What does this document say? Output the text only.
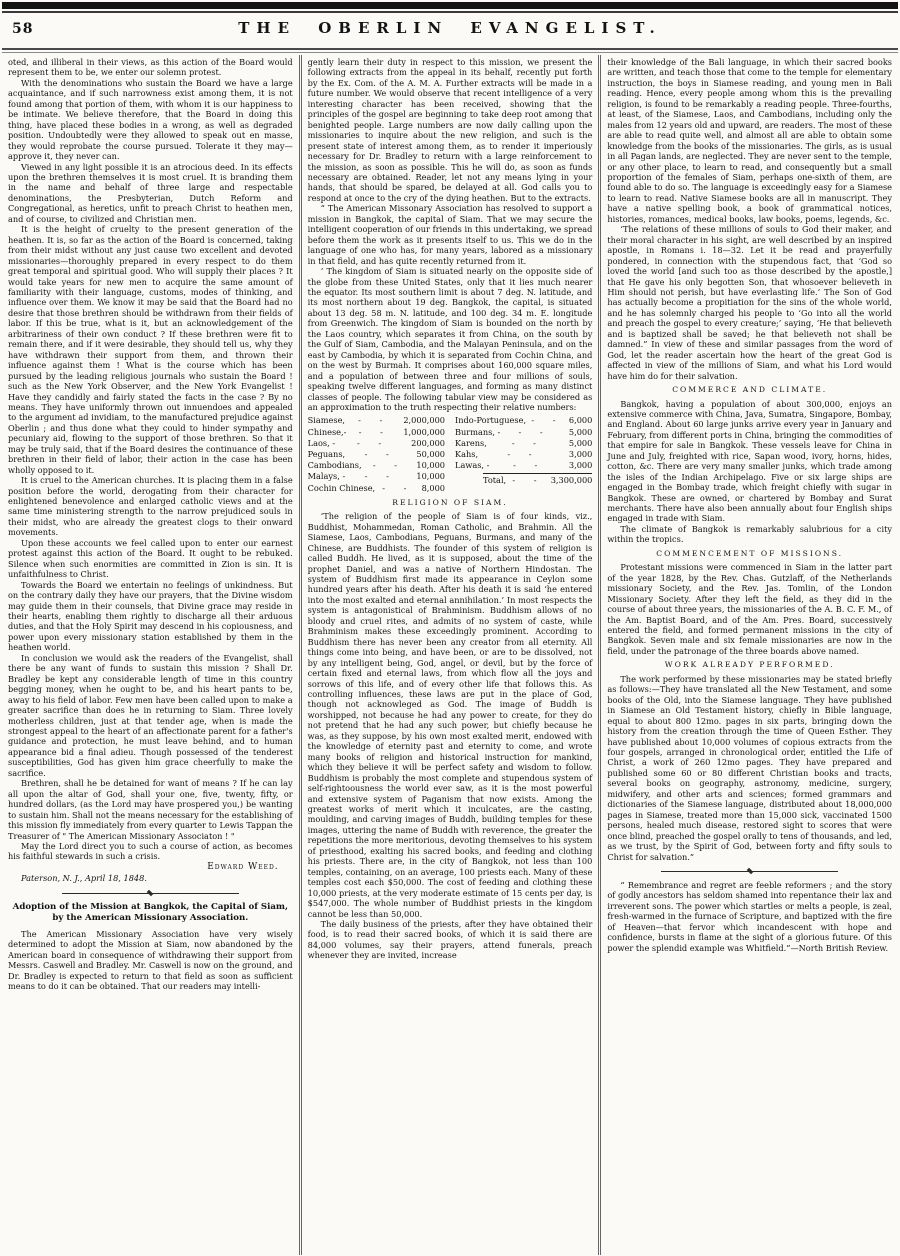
58	THE OBERLIN EVANGELIST.
oted, and illiberal in their views, as this action of the Board would represent them to be, we enter our solemn protest.
With the denominations who sustain the Board we have a large acquaintance, and if such narrowness exist among them, it is not found among that portion of them, with whom it is our happiness to be intimate. We believe therefore, that the Board in doing this thing, have placed these bodies in a wrong, as well as degraded position. Undoubtedly were they allowed to speak out en masse, they would reprobate the course pursued. Tolerate it they may—approve it, they never can.
Viewed in any light possible it is an atrocious deed. In its effects upon the brethren themselves it is most cruel. It is branding them in the name and behalf of three large and respectable denominations, the Presbyterian, Dutch Reform and Congregational, as heretics, unfit to preach Christ to heathen men, and of course, to civilized and Christian men.
It is the height of cruelty to the present generation of the heathen. It is, so far as the action of the Board is concerned, taking from their midst without any just cause two excellent and devoted missionaries—thoroughly prepared in every respect to do them great temporal and spiritual good. Who will supply their places ? It would take years for new men to acquire the same amount of familiarity with their language, customs, modes of thinking, and influence over them. We know it may be said that the Board had no desire that those brethren should be withdrawn from their fields of labor. If this be true, what is it, but an acknowledgement of the arbitrariness of their own conduct ? If these brethren were fit to remain there, and if it were desirable, they should tell us, why they have withdrawn their support from them, and thrown their influence against them ! What is the course which has been pursued by the leading religious journals who sustain the Board ! such as the New York Observer, and the New York Evangelist ! Have they candidly and fairly stated the facts in the case ? By no means. They have uniformly thrown out innuendoes and appealed to the argument ad invidiam, to the manufactured prejudice against Oberlin ; and thus done what they could to hinder sympathy and pecuniary aid, flowing to the support of those brethren. So that it may be truly said, that if the Board desires the continuance of these brethren in their field of labor, their action in the case has been wholly opposed to it.
It is cruel to the American churches. It is placing them in a false position before the world, derogating from their character for enlightened benevolence and enlarged catholic views and at the same time ministering strength to the narrow prejudiced souls in their midst, who are already the greatest clogs to their onward movements.
Upon these accounts we feel called upon to enter our earnest protest against this action of the Board. It ought to be rebuked. Silence when such enormities are committed in Zion is sin. It is unfaithfulness to Christ.
Towards the Board we entertain no feelings of unkindness. But on the contrary daily they have our prayers, that the Divine wisdom may guide them in their counsels, that Divine grace may reside in their hearts, enabling them rightly to discharge all their arduous duties, and that the Holy Spirit may descend in his copiousness, and power upon every missionary station established by them in the heathen world.
In conclusion we would ask the readers of the Evangelist, shall there be any want of funds to sustain this mission ? Shall Dr. Bradley be kept any considerable length of time in this country begging money, when he ought to be, and his heart pants to be, away to his field of labor. Few men have been called upon to make a greater sacrifice than does he in returning to Siam. Three lovely motherless children, just at that tender age, when is made the strongest appeal to the heart of an affectionate parent for a father's guidance and protection, he must leave behind, and to human appearance bid a final adieu. Though possessed of the tenderest susceptibilities, God has given him grace cheerfully to make the sacrifice.
Brethren, shall he be detained for want of means ? If he can lay all upon the altar of God, shall your one, five, twenty, fifty, or hundred dollars, (as the Lord may have prospered you,) be wanting to sustain him. Shall not the means necessary for the establishing of this mission fly immediately from every quarter to Lewis Tappan the Treasurer of " The American Missionary Associaton ! "
May the Lord direct you to such a course of action, as becomes his faithful stewards in such a crisis.
Edward Weed.
Paterson, N. J., April 18, 1848.
Adoption of the Mission at Bangkok, the Capital of Siam, by the American Missionary Association.
The American Missionary Association have very wisely determined to adopt the Mission at Siam, now abandoned by the American board in consequence of withdrawing their support from Messrs. Caswell and Bradley. Mr. Caswell is now on the ground, and Dr. Bradley is expected to return to that field as soon as sufficient means to do it can be obtained. That our readers may intelli-
gently learn their duty in respect to this mission, we present the following extracts from the appeal in its behalf, recently put forth by the Ex. Com. of the A. M. A. Further extracts will be made in a future number. We would observe that recent intelligence of a very interesting character has been received, showing that the principles of the gospel are beginning to take deep root among that benighted people. Large numbers are now daily calling upon the missionaries to inquire about the new religion, and such is the present state of interest among them, as to render it imperiously necessary for Dr. Bradley to return with a large reinforcement to the mission, as soon as possible. This he will do, as soon as funds necessary are obtained. Reader, let not any means lying in your hands, that should be spared, be delayed at all. God calls you to respond at once to the cry of the dying heathen. But to the extracts.
“ The American Missonary Association has resolved to support a mission in Bangkok, the capital of Siam. That we may secure the intelligent cooperation of our friends in this undertaking, we spread before them the work as it presents itself to us. This we do in the language of one who has, for many years, labored as a missionary in that field, and has quite recently returned from it.
‘ The kingdom of Siam is situated nearly on the opposite side of the globe from these United States, only that it lies much nearer the equator. Its most southern limit is about 7 deg. N. latitude, and its most northern about 19 deg. Bangkok, the capital, is situated about 13 deg. 58 m. N. latitude, and 100 deg. 34 m. E. longitude from Greenwich. The kingdom of Siam is bounded on the north by the Laos country, which separates it from China, on the south by the Gulf of Siam, Cambodia, and the Malayan Peninsula, and on the east by Cambodia, by which it is separated from Cochin China, and on the west by Burmah. It comprises about 160,000 square miles, and a population of between three and four millions of souls, speaking twelve different languages, and forming as many distinct classes of people. The following tabular view may be considered as an approximation to the truth respecting their relative numbers:
Siamese, - -	2,000,000
Chinese,- - -	1,000,000
Laos, - - -	200,000
Peguans, - -	50,000
Cambodians, - -	10,000
Malays, - - -	10,000
Cochin Chinese, - -	8,000
Indo-Portuguese, - -	6,000
Burmans, - - -	5,000
Karens, - -	5,000
Kahs, - -	3,000
Lawas, - - -	3,000
Total, - -	3,300,000
RELIGION OF SIAM.
‘The religion of the people of Siam is of four kinds, viz., Buddhist, Mohammedan, Roman Catholic, and Brahmin. All the Siamese, Laos, Cambodians, Peguans, Burmans, and many of the Chinese, are Buddhists. The founder of this system of religion is called Buddh. He lived, as it is supposed, about the time of the prophet Daniel, and was a native of Northern Hindostan. The system of Buddhism first made its appearance in Ceylon some hundred years after his death. After his death it is said ‘he entered into the most exalted and eternal annihilation.’ In most respects the system is antagonistical of Brahminism. Buddhism allows of no bloody and cruel rites, and admits of no system of caste, while Brahminism makes these exceedingly prominent. According to Buddhism there has never been any creator from all eternity. All things come into being, and have been, or are to be dissolved, not by any intelligent being, God, angel, or devil, but by the force of certain fixed and eternal laws, from which flow all the joys and sorrows of this life, and of every other life that follows this. As controlling influences, these laws are put in the place of God, though not acknowleged as God. The image of Buddh is worshipped, not because he had any power to create, for they do not pretend that he had any such power, but chiefly because he was, as they suppose, by his own most exalted merit, endowed with the knowledge of eternity past and eternity to come, and wrote many books of religion and historical instruction for mankind, which they believe it will be perfect safety and wisdom to follow. Buddhism is probably the most complete and stupendous system of self-rightoousness the world ever saw, as it is the most powerful and extensive system of Paganism that now exists. Among the greatest works of merit which it inculcates, are the casting, moulding, and carving images of Buddh, building temples for these images, uttering the name of Buddh with reverence, the greater the repetitions the more meritorious, devoting themselves to his system of priesthood, exalting his sacred books, and feeding and clothing his priests. There are, in the city of Bangkok, not less than 100 temples, containing, on an average, 100 priests each. Many of these temples cost each $50,000. The cost of feeding and clothing these 10,000 priests, at the very moderate estimate of 15 cents per day, is $547,000. The whole number of Buddhist priests in the kingdom cannot be less than 50,000.
The daily business of the priests, after they have obtained their food, is to read their sacred books, of which it is said there are 84,000 volumes, say their prayers, attend funerals, preach whenever they are invited, increase
their knowledge of the Bali language, in which their sacred books are written, and teach those that come to the temple for elementary instruction, the boys in Siamese reading, and young men in Bali reading. Hence, every people among whom this is the prevailing religion, is found to be remarkably a reading people. Three-fourths, at least, of the Siamese, Laos, and Cambodians, including only the males from 12 years old and upward, are readers. The most of these are able to read quite well, and almost all are able to obtain some knowledge from the books of the missionaries. The girls, as is usual in all Pagan lands, are neglected. They are never sent to the temple, or any other place, to learn to read, and consequently but a small proportion of the females of Siam, perhaps one-sixth of them, are found able to do so. The language is exceedingly easy for a Siamese to learn to read. Native Siamese books are all in manuscript. They have a native spelling book, a book of grammatical notices, histories, romances, medical books, law books, poems, legends, &c.
‘The relations of these millions of souls to God their maker, and their moral character in his sight, are well described by an inspired apostle, in Romans i. 18—32. Let it be read and prayerfully pondered, in connection with the stupendous fact, that ‘God so loved the world [and such too as those described by the apostle,] that He gave his only begotten Son, that whosoever believeth in Him should not perish, but have everlasting life.’ The Son of God has actually become a propitiation for the sins of the whole world, and he has solemnly charged his people to ‘Go into all the world and preach the gospel to every creature;’ saying, ‘He that believeth and is baptized shall be saved; he that believeth not shall be damned.” In view of these and similar passages from the word of God, let the reader ascertain how the heart of the great God is affected in view of the millions of Siam, and what his Lord would have him do for their salvation.
COMMERCE AND CLIMATE.
Bangkok, having a population of about 300,000, enjoys an extensive commerce with China, Java, Sumatra, Singapore, Bombay, and England. About 60 large junks arrive every year in January and February, from different ports in China, bringing the commodities of that empire for sale in Bangkok. These vessels leave for China in June and July, freighted with rice, Sapan wood, ivory, horns, hides, cotton, &c. There are very many smaller junks, which trade among the isles of the Indian Archipelago. Five or six large ships are engaged in the Bombay trade, which freight chiefly with sugar in Bangkok. These are owned, or chartered by Bombay and Surat merchants. There have also been annually about four English ships engaged in trade with Siam.
The climate of Bangkok is remarkably salubrious for a city within the tropics.
COMMENCEMENT OF MISSIONS.
Protestant missions were commenced in Siam in the latter part of the year 1828, by the Rev. Chas. Gutzlaff, of the Netherlands missionary Society, and the Rev. Jas. Tomlin, of the London Missionary Society. After they left the field, as they did in the course of about three years, the missionaries of the A. B. C. F. M., of the Am. Baptist Board, and of the Am. Pres. Board, successively entered the field, and formed permanent missions in the city of Bangkok. Seven male and six female missionaries are now in the field, under the patronage of the three boards above named.
WORK ALREADY PERFORMED.
The work performed by these missionaries may be stated briefly as follows:—They have translated all the New Testament, and some books of the Old, into the Siamese language. They have published in Siamese an Old Testament history, chiefly in Bible language, equal to about 800 12mo. pages in six parts, bringing down the history from the creation through the time of Queen Esther. They have published about 10,000 volumes of copious extracts from the four gospels, arranged in chronological order, entitled the Life of Christ, a work of 260 12mo pages. They have prepared and published some 60 or 80 different Christian books and tracts, several books on geography, astronomy, medicine, surgery, midwifery, and other arts and sciences; formed grammars and dictionaries of the Siamese language, distributed about 18,000,000 pages in Siamese, treated more than 15,000 sick, vaccinated 1500 persons, healed much disease, restored sight to scores that were once blind, preached the gospel orally to tens of thousands, and led, as we trust, by the Spirit of God, between forty and fifty souls to Christ for salvation.”
“ Remembrance and regret are feeble reformers ; and the story of godly ancestors has seldom shamed into repentance their lax and irreverent sons. The power which startles or melts a people, is zeal, fresh-warmed in the furnace of Scripture, and baptized with the fire of Heaven—that fervor which incandescent with hope and confidence, bursts in flame at the sight of a glorious future. Of this power the splendid example was Whitfield.”—North British Review.
